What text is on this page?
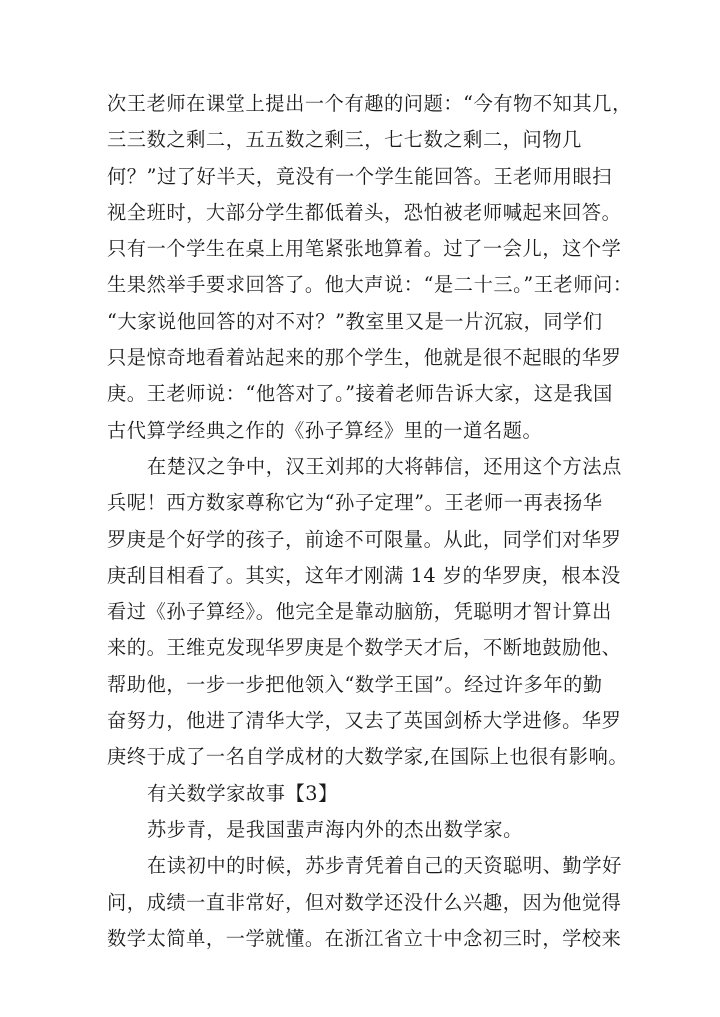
次王老师在课堂上提出一个有趣的问题：“今有物不知其几，
三三数之剩二，五五数之剩三，七七数之剩二，问物几
何？”过了好半天，竟没有一个学生能回答。王老师用眼扫
视全班时，大部分学生都低着头，恐怕被老师喊起来回答。
只有一个学生在桌上用笔紧张地算着。过了一会儿，这个学
生果然举手要求回答了。他大声说：“是二十三。”王老师问：
“大家说他回答的对不对？”教室里又是一片沉寂，同学们
只是惊奇地看着站起来的那个学生，他就是很不起眼的华罗
庚。王老师说：“他答对了。”接着老师告诉大家，这是我国
古代算学经典之作的《孙子算经》里的一道名题。
在楚汉之争中，汉王刘邦的大将韩信，还用这个方法点
兵呢！西方数家尊称它为“孙子定理”。王老师一再表扬华
罗庚是个好学的孩子，前途不可限量。从此，同学们对华罗
庚刮目相看了。其实，这年才刚满 14 岁的华罗庚，根本没
看过《孙子算经》。他完全是靠动脑筋，凭聪明才智计算出
来的。王维克发现华罗庚是个数学天才后，不断地鼓励他、
帮助他，一步一步把他领入“数学王国”。经过许多年的勤
奋努力，他进了清华大学，又去了英国剑桥大学进修。华罗
庚终于成了一名自学成材的大数学家,在国际上也很有影响。
有关数学家故事【3】
苏步青，是我国蜚声海内外的杰出数学家。
在读初中的时候，苏步青凭着自己的天资聪明、勤学好
问，成绩一直非常好，但对数学还没什么兴趣，因为他觉得
数学太简单，一学就懂。在浙江省立十中念初三时，学校来
